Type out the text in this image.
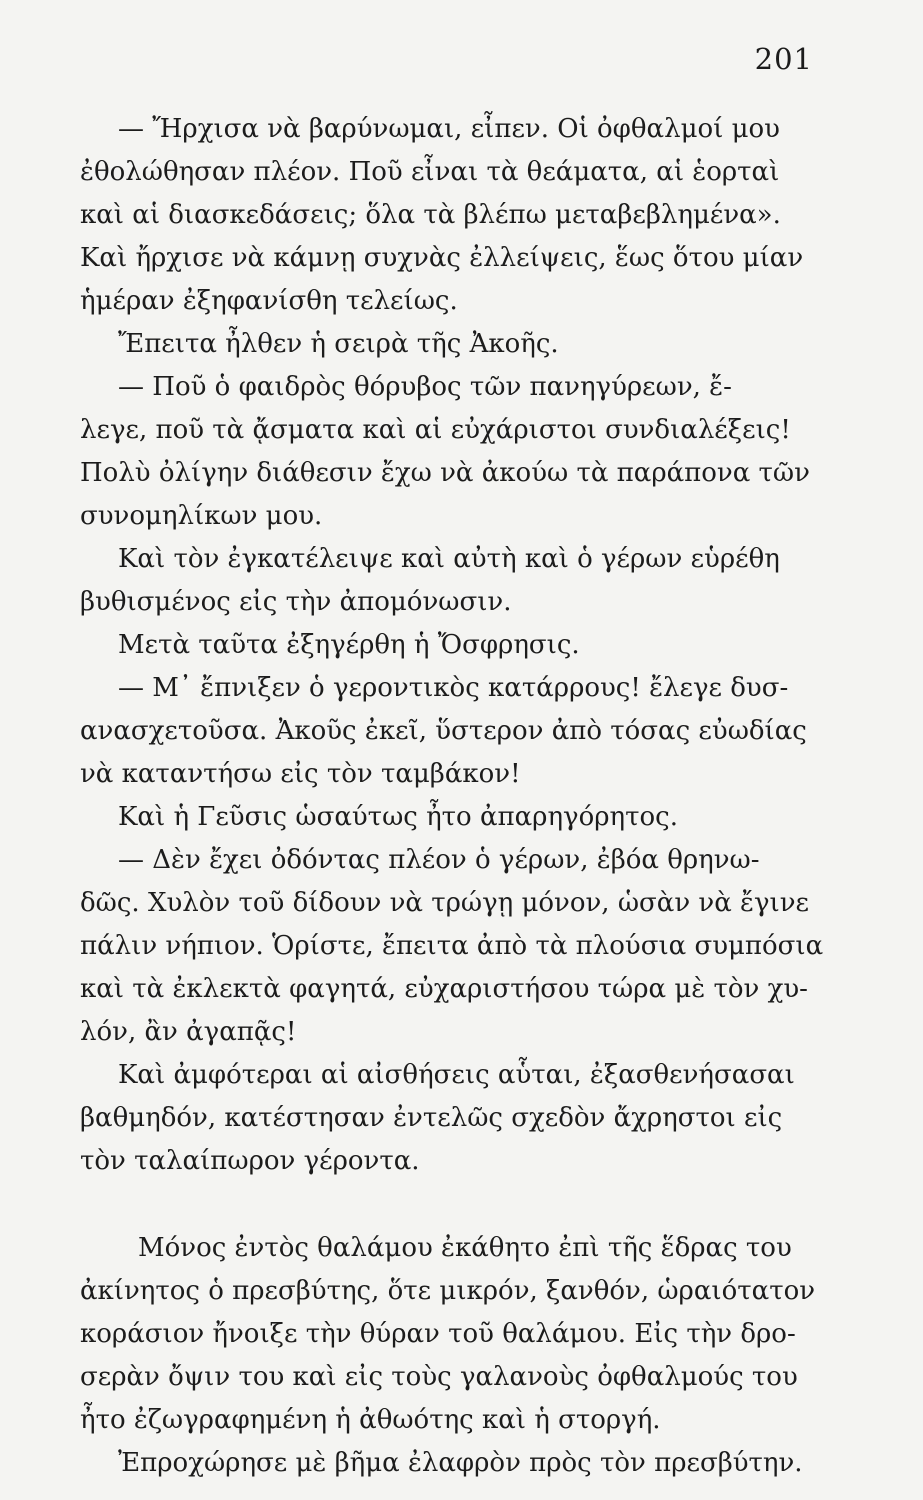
201
— Ἤρχισα νὰ βαρύνωμαι, εἶπεν. Οἱ ὀφθαλμοί μου
ἐθολώθησαν πλέον. Ποῦ εἶναι τὰ θεάματα, αἱ ἑορταὶ
καὶ αἱ διασκεδάσεις; ὅλα τὰ βλέπω μεταβεβλημένα».
Καὶ ἤρχισε νὰ κάμνῃ συχνὰς ἐλλείψεις, ἕως ὅτου μίαν
ἡμέραν ἐξηφανίσθη τελείως.
Ἔπειτα ἦλθεν ἡ σειρὰ τῆς Ἀκοῆς.
— Ποῦ ὁ φαιδρὸς θόρυβος τῶν πανηγύρεων, ἔ-
λεγε, ποῦ τὰ ᾄσματα καὶ αἱ εὐχάριστοι συνδιαλέξεις!
Πολὺ ὀλίγην διάθεσιν ἔχω νὰ ἀκούω τὰ παράπονα τῶν
συνομηλίκων μου.
Καὶ τὸν ἐγκατέλειψε καὶ αὐτὴ καὶ ὁ γέρων εὑρέθη
βυθισμένος εἰς τὴν ἀπομόνωσιν.
Μετὰ ταῦτα ἐξηγέρθη ἡ Ὄσφρησις.
— Μ᾽ ἔπνιξεν ὁ γεροντικὸς κατάρρους! ἔλεγε δυσ-
ανασχετοῦσα. Ἀκοῦς ἐκεῖ, ὕστερον ἀπὸ τόσας εὐωδίας
νὰ καταντήσω εἰς τὸν ταμβάκον!
Καὶ ἡ Γεῦσις ὡσαύτως ἦτο ἀπαρηγόρητος.
— Δὲν ἔχει ὀδόντας πλέον ὁ γέρων, ἐβόα θρηνω-
δῶς. Χυλὸν τοῦ δίδουν νὰ τρώγῃ μόνον, ὡσὰν νὰ ἔγινε
πάλιν νήπιον. Ὁρίστε, ἔπειτα ἀπὸ τὰ πλούσια συμπόσια
καὶ τὰ ἐκλεκτὰ φαγητά, εὐχαριστήσου τώρα μὲ τὸν χυ-
λόν, ἂν ἀγαπᾷς!
Καὶ ἀμφότεραι αἱ αἰσθήσεις αὗται, ἐξασθενήσασαι
βαθμηδόν, κατέστησαν ἐντελῶς σχεδὸν ἄχρηστοι εἰς
τὸν ταλαίπωρον γέροντα.
Μόνος ἐντὸς θαλάμου ἐκάθητο ἐπὶ τῆς ἕδρας του
ἀκίνητος ὁ πρεσβύτης, ὅτε μικρόν, ξανθόν, ὡραιότατον
κοράσιον ἤνοιξε τὴν θύραν τοῦ θαλάμου. Εἰς τὴν δρο-
σερὰν ὄψιν του καὶ εἰς τοὺς γαλανοὺς ὀφθαλμούς του
ἦτο ἐζωγραφημένη ἡ ἀθωότης καὶ ἡ στοργή.
Ἐπροχώρησε μὲ βῆμα ἐλαφρὸν πρὸς τὸν πρεσβύτην.
